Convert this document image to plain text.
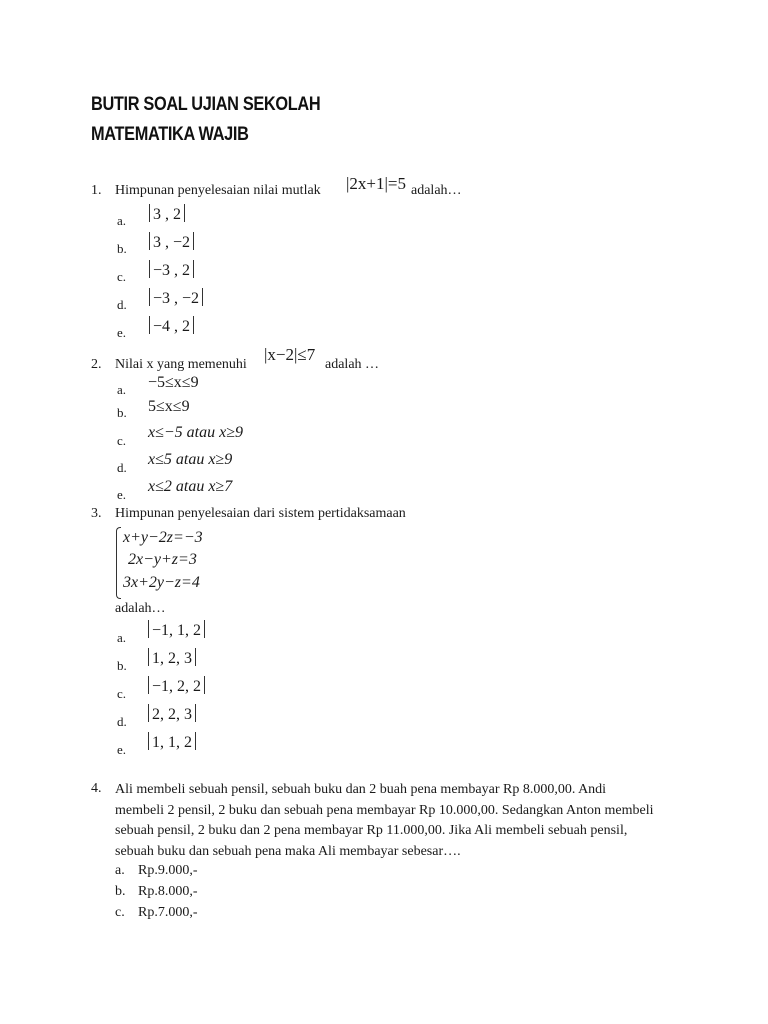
BUTIR SOAL UJIAN SEKOLAH
MATEMATIKA WAJIB
1. Himpunan penyelesaian nilai mutlak |2x+1|=5 adalah…
a.	3 , 2
b.	3 , −2
c.	−3 , 2
d.	−3 , −2
e.	−4 , 2
2. Nilai x yang memenuhi
|x−2|≤7
adalah …
a. −5≤x≤9
b. 5≤x≤9
c. x≤−5 atau x≥9
d. x≤5 atau x≥9
e. x≤2 atau x≥7
3. Himpunan penyelesaian dari sistem pertidaksamaan
x+y−2z=−3
2x−y+z=3
3x+2y−z=4
adalah…
a.	−1, 1, 2
b.	1, 2, 3
c.	−1, 2, 2
d.	2, 2, 3
e.	1, 1, 2
4. Ali membeli sebuah pensil, sebuah buku dan 2 buah pena membayar Rp 8.000,00. Andi membeli 2 pensil, 2 buku dan sebuah pena membayar Rp 10.000,00. Sedangkan Anton membeli sebuah pensil, 2 buku dan 2 pena membayar Rp 11.000,00. Jika Ali membeli sebuah pensil, sebuah buku dan sebuah pena maka Ali membayar sebesar….
a. Rp.9.000,-
b. Rp.8.000,-
c. Rp.7.000,-
